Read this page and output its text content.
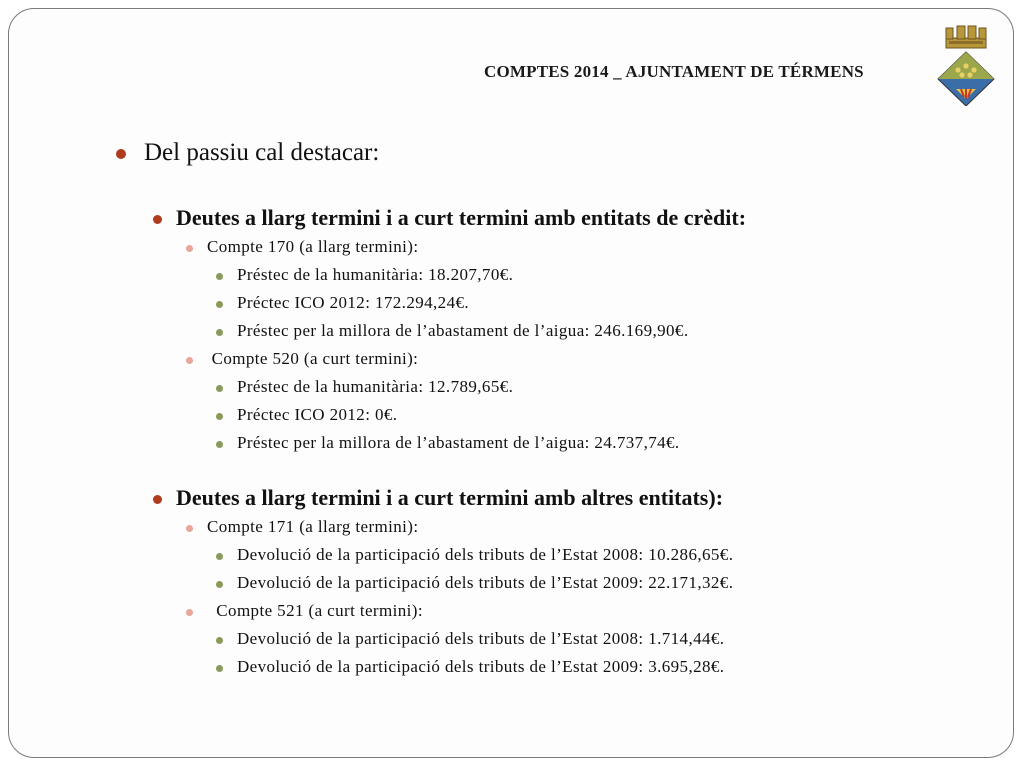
COMPTES 2014 _ AJUNTAMENT DE TÉRMENS
Del passiu cal destacar:
Deutes a llarg termini i a curt termini amb entitats de crèdit:
Compte 170 (a llarg termini):
Préstec de la humanitària: 18.207,70€.
Préctec ICO 2012: 172.294,24€.
Préstec per la millora de l’abastament de l’aigua: 246.169,90€.
Compte 520 (a curt termini):
Préstec de la humanitària: 12.789,65€.
Préctec ICO 2012: 0€.
Préstec per la millora de l’abastament de l’aigua: 24.737,74€.
Deutes a llarg termini i a curt termini amb altres entitats):
Compte 171 (a llarg termini):
Devolució de la participació dels tributs de l’Estat 2008: 10.286,65€.
Devolució de la participació dels tributs de l’Estat 2009: 22.171,32€.
Compte 521 (a curt termini):
Devolució de la participació dels tributs de l’Estat 2008: 1.714,44€.
Devolució de la participació dels tributs de l’Estat 2009: 3.695,28€.
